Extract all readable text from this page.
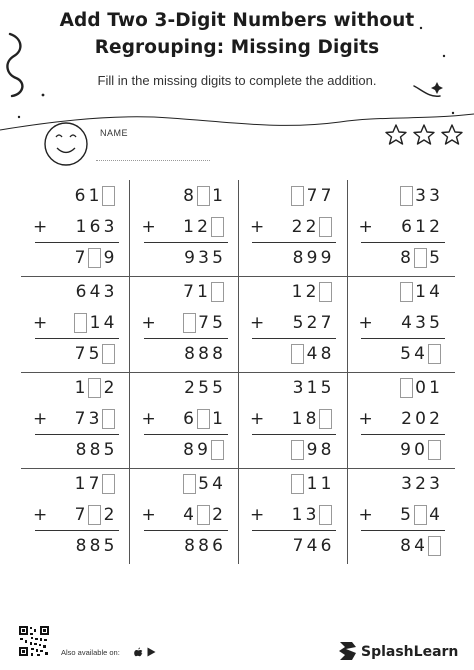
Add Two 3-Digit Numbers without
Regrouping: Missing Digits
Fill in the missing digits to complete the addition.
NAME
6 1
+ 1 6 3
7 9
8 1
+ 1 2
9 3 5
7 7
+ 2 2
8 9 9
3 3
+ 6 1 2
8 5
6 4 3
+ 1 4
7 5
7 1
+ 7 5
8 8 8
1 2
+ 5 2 7
4 8
1 4
+ 4 3 5
5 4
1 2
+ 7 3
8 8 5
2 5 5
+ 6 1
8 9
3 1 5
+ 1 8
9 8
0 1
+ 2 0 2
9 0
1 7
+ 7 2
8 8 5
5 4
+ 4 2
8 8 6
1 1
+ 1 3
7 4 6
3 2 3
+ 5 4
8 4
Also available on:	SplashLearn
